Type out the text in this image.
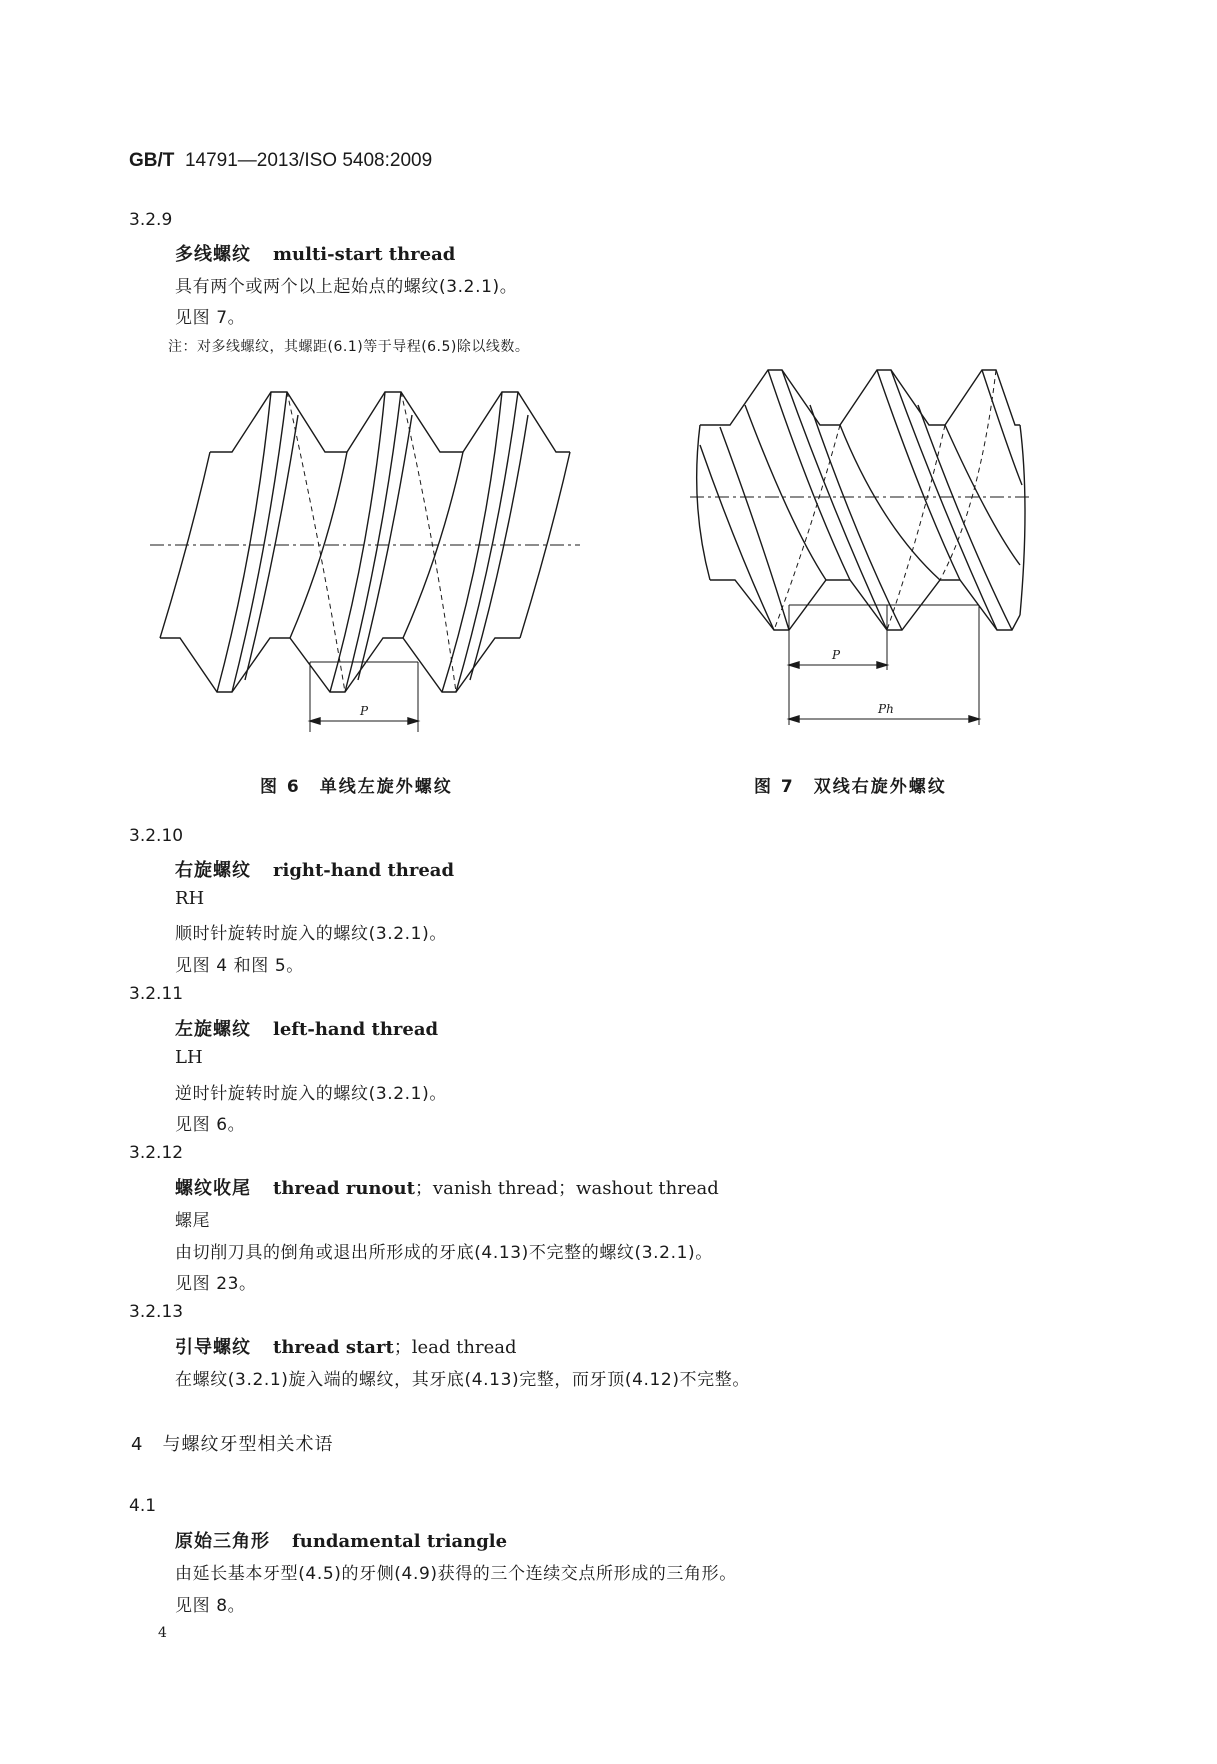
GB/T 14791—2013/ISO 5408:2009
3.2.9
多线螺纹 multi-start thread
具有两个或两个以上起始点的螺纹(3.2.1)。
见图 7。
注：对多线螺纹，其螺距(6.1)等于导程(6.5)除以线数。
P
P
Ph
图 6　单线左旋外螺纹	图 7　双线右旋外螺纹
3.2.10
右旋螺纹 right-hand thread
RH
顺时针旋转时旋入的螺纹(3.2.1)。
见图 4 和图 5。
3.2.11
左旋螺纹 left-hand thread
LH
逆时针旋转时旋入的螺纹(3.2.1)。
见图 6。
3.2.12
螺纹收尾 thread runout；vanish thread；washout thread
螺尾
由切削刀具的倒角或退出所形成的牙底(4.13)不完整的螺纹(3.2.1)。
见图 23。
3.2.13
引导螺纹 thread start；lead thread
在螺纹(3.2.1)旋入端的螺纹，其牙底(4.13)完整，而牙顶(4.12)不完整。
4　与螺纹牙型相关术语
4.1
原始三角形 fundamental triangle
由延长基本牙型(4.5)的牙侧(4.9)获得的三个连续交点所形成的三角形。
见图 8。
4
